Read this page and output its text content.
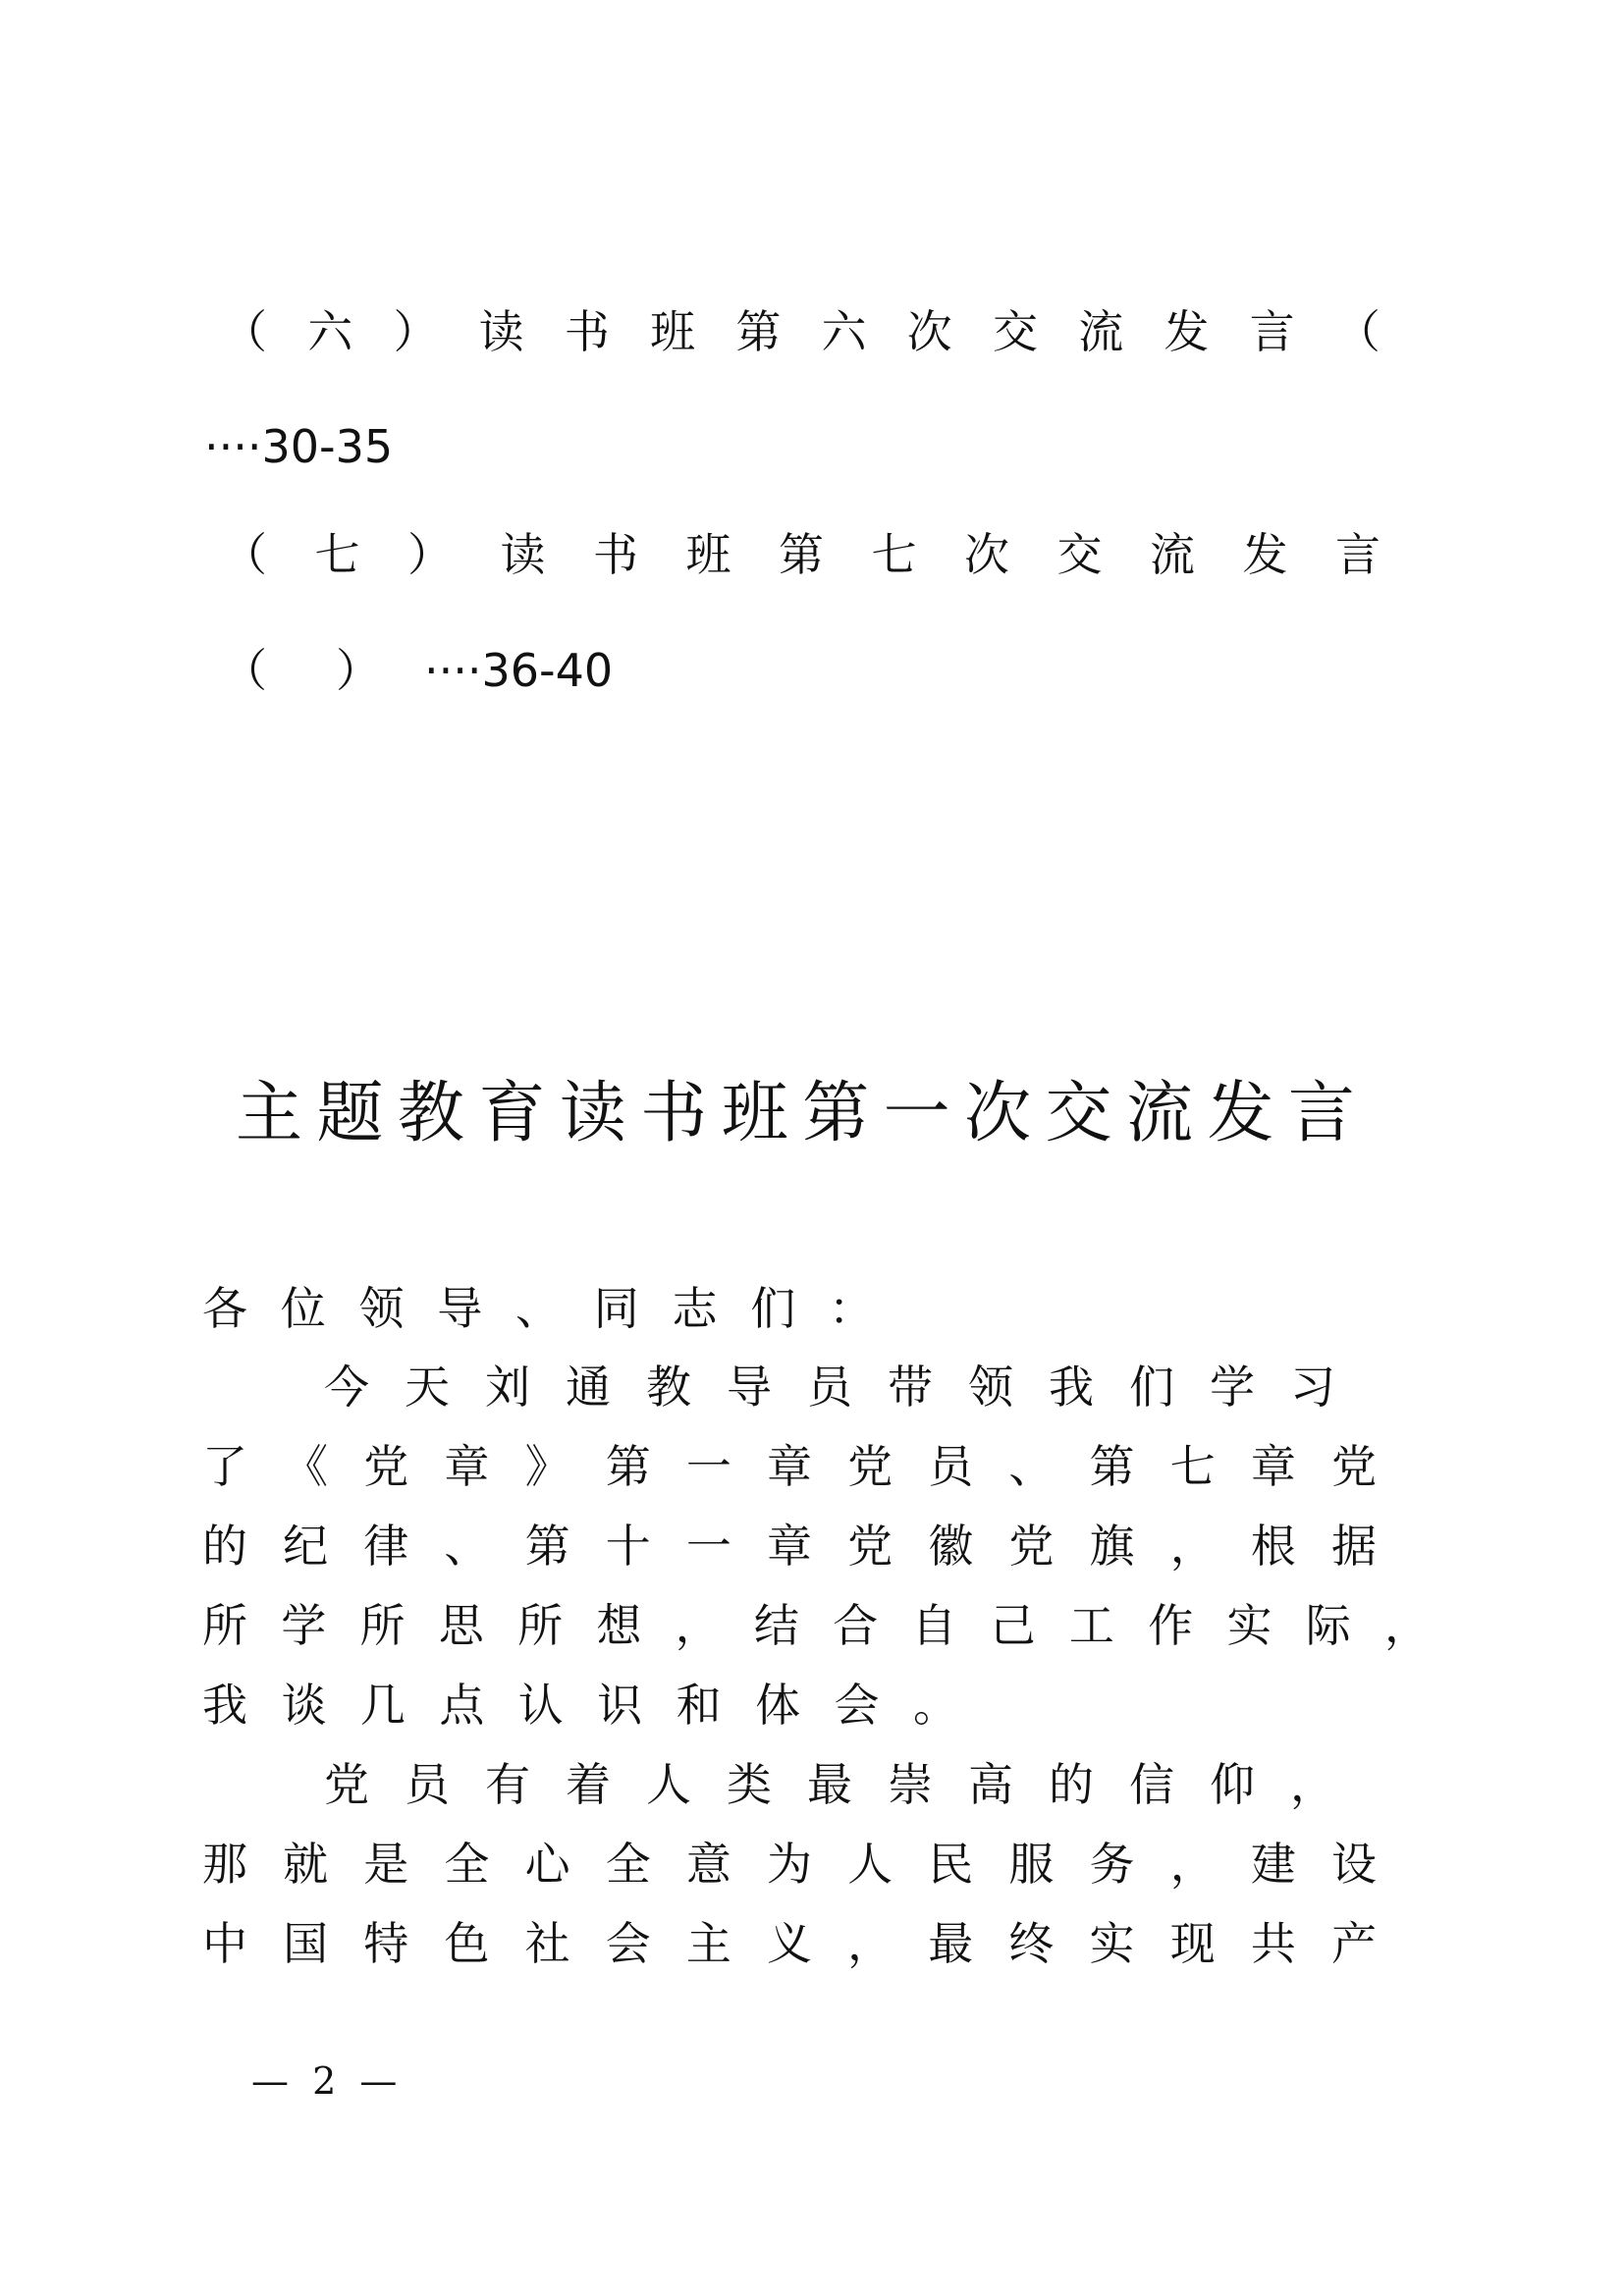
（ 六 ） 读 书 班 第 六 次 交 流 发 言 （
····30-35
（ 七 ） 读 书 班 第 七 次 交 流 发 言
（ ） ····36-40
主 题 教 育 读 书 班 第 一 次 交 流 发 言
各 位 领 导 、 同 志 们 ：
今 天 刘 通 教 导 员 带 领 我 们 学 习
了 《 党 章 》 第 一 章 党 员 、 第 七 章 党
的 纪 律 、 第 十 一 章 党 徽 党 旗 ， 根 据
所 学 所 思 所 想 ， 结 合 自 己 工 作 实 际 ，
我 谈 几 点 认 识 和 体 会 。
党 员 有 着 人 类 最 崇 高 的 信 仰 ，
那 就 是 全 心 全 意 为 人 民 服 务 ， 建 设
中 国 特 色 社 会 主 义 ， 最 终 实 现 共 产
— 2 —
